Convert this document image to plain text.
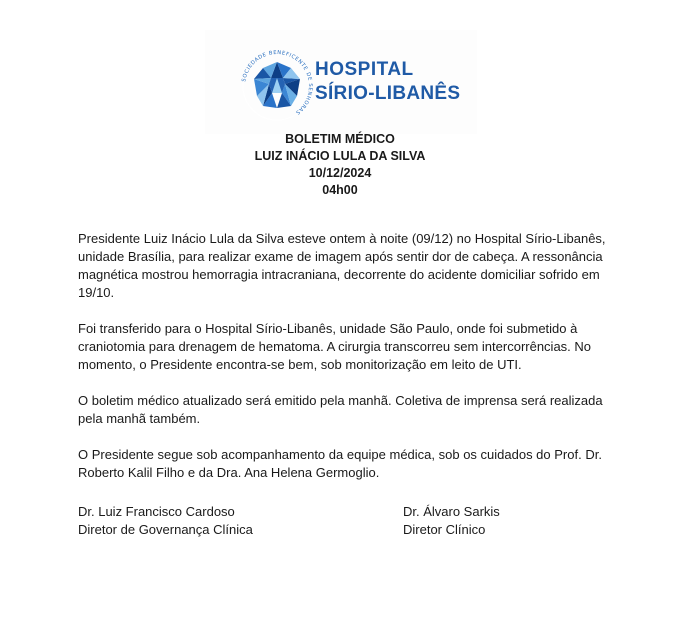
SOCIEDADE BENEFICENTE DE SENHORAS
HOSPITAL
SÍRIO-LIBANÊS
BOLETIM MÉDICO
LUIZ INÁCIO LULA DA SILVA
10/12/2024
04h00

Presidente Luiz Inácio Lula da Silva esteve ontem à noite (09/12) no Hospital Sírio-Libanês, unidade Brasília, para realizar exame de imagem após sentir dor de cabeça. A ressonância magnética mostrou hemorragia intracraniana, decorrente do acidente domiciliar sofrido em 19/10.

Foi transferido para o Hospital Sírio-Libanês, unidade São Paulo, onde foi submetido à craniotomia para drenagem de hematoma. A cirurgia transcorreu sem intercorrências. No momento, o Presidente encontra-se bem, sob monitorização em leito de UTI.

O boletim médico atualizado será emitido pela manhã. Coletiva de imprensa será realizada pela manhã também.

O Presidente segue sob acompanhamento da equipe médica, sob os cuidados do Prof. Dr. Roberto Kalil Filho e da Dra. Ana Helena Germoglio.

Dr. Luiz Francisco Cardoso
Diretor de Governança Clínica
Dr. Álvaro Sarkis
Diretor Clínico
